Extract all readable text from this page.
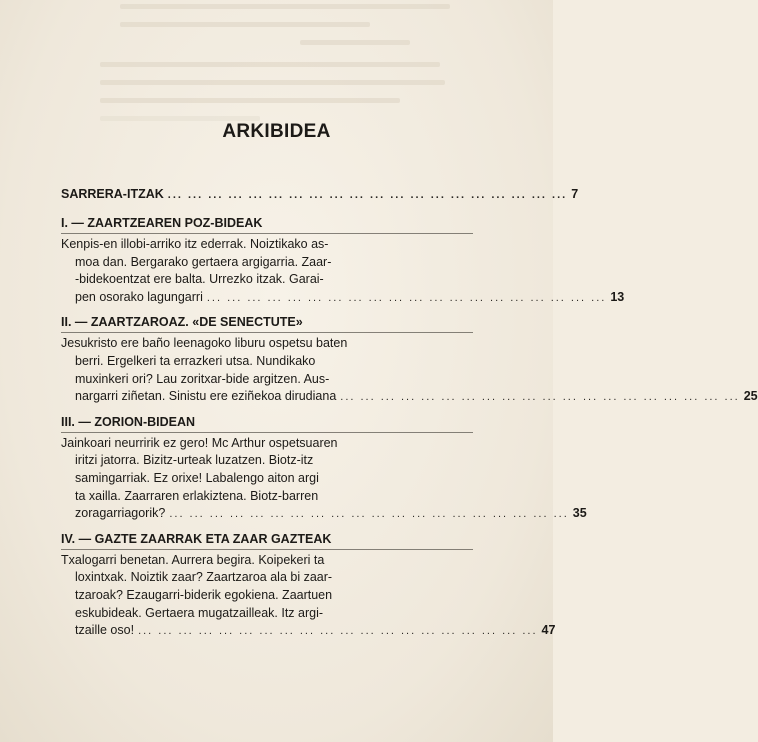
ARKIBIDEA
SARRERA-ITZAK ... ... ... ... ... ... ... ... ... ... ... ... ... ... ... ... ... ... ... ... 7
I. — ZAARTZEAREN POZ-BIDEAK
Kenpis-en illobi-arriko itz ederrak. Noiztikako as-
moa dan. Bergarako gertaera argigarria. Zaar-
-bidekoentzat ere balta. Urrezko itzak. Garai-
pen osorako lagungarri ... ... ... ... ... ... ... ... ... ... ... ... ... ... ... ... ... ... ... ... 13
II. — ZAARTZAROAZ. «DE SENECTUTE»
Jesukristo ere baño leenagoko liburu ospetsu baten
berri. Ergelkeri ta errazkeri utsa. Nundikako
muxinkeri ori? Lau zoritxar-bide argitzen. Aus-
nargarri ziñetan. Sinistu ere eziñekoa dirudiana ... ... ... ... ... ... ... ... ... ... ... ... ... ... ... ... ... ... ... ... 25
III. — ZORION-BIDEAN
Jainkoari neurririk ez gero! Mc Arthur ospetsuaren
iritzi jatorra. Bizitz-urteak luzatzen. Biotz-itz
samingarriak. Ez orixe! Labalengo aiton argi
ta xailla. Zaarraren erlakiztena. Biotz-barren
zoragarriagorik? ... ... ... ... ... ... ... ... ... ... ... ... ... ... ... ... ... ... ... ... 35
IV. — GAZTE ZAARRAK ETA ZAAR GAZTEAK
Txalogarri benetan. Aurrera begira. Koipekeri ta
loxintxak. Noiztik zaar? Zaartzaroa ala bi zaar-
tzaroak? Ezaugarri-biderik egokiena. Zaartuen
eskubideak. Gertaera mugatzailleak. Itz argi-
tzaille oso! ... ... ... ... ... ... ... ... ... ... ... ... ... ... ... ... ... ... ... ... 47
